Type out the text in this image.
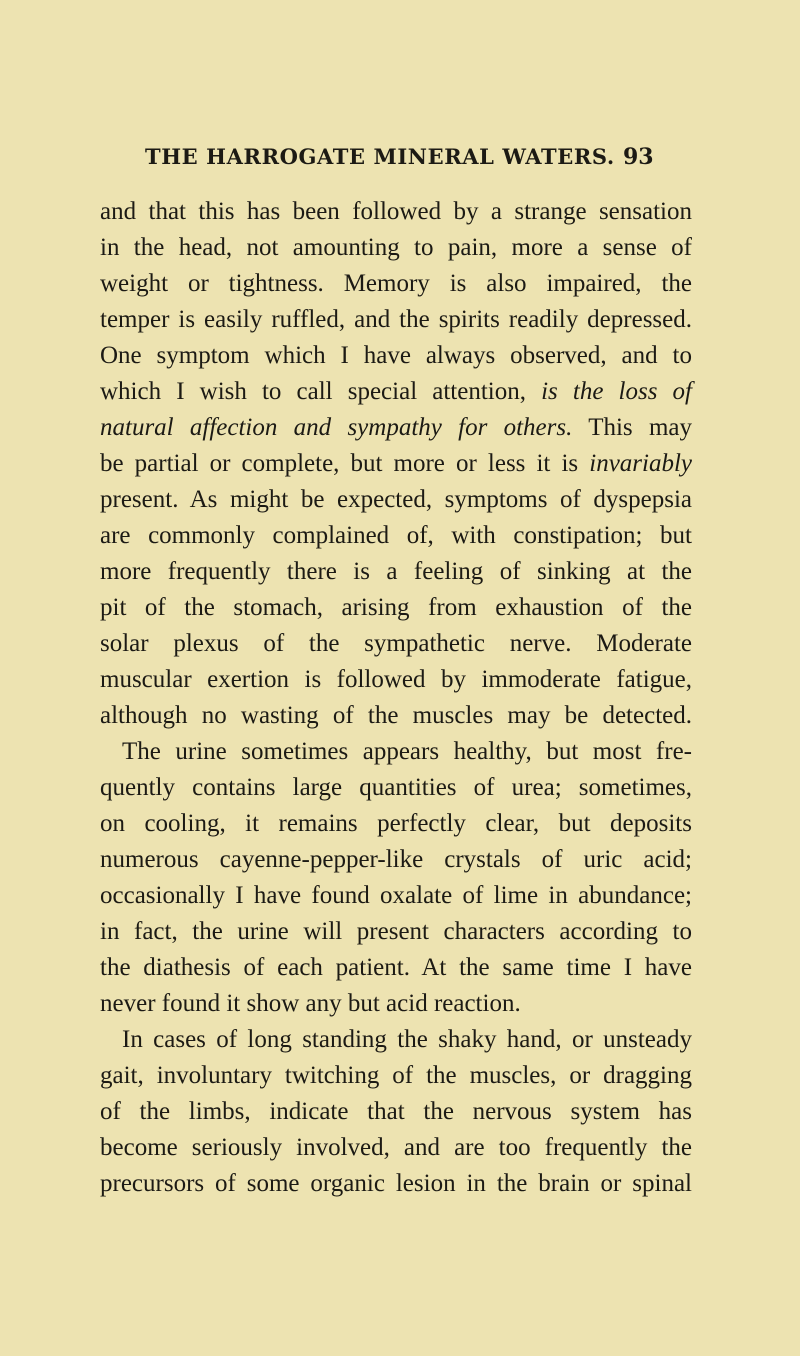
THE HARROGATE MINERAL WATERS. 93
and that this has been followed by a strange sensation
in the head, not amounting to pain, more a sense of
weight or tightness. Memory is also impaired, the
temper is easily ruffled, and the spirits readily depressed.
One symptom which I have always observed, and to
which I wish to call special attention, is the loss of
natural affection and sympathy for others. This may
be partial or complete, but more or less it is invariably
present. As might be expected, symptoms of dyspepsia
are commonly complained of, with constipation; but
more frequently there is a feeling of sinking at the
pit of the stomach, arising from exhaustion of the
solar plexus of the sympathetic nerve. Moderate
muscular exertion is followed by immoderate fatigue,
although no wasting of the muscles may be detected.
The urine sometimes appears healthy, but most fre-
quently contains large quantities of urea; sometimes,
on cooling, it remains perfectly clear, but deposits
numerous cayenne-pepper-like crystals of uric acid;
occasionally I have found oxalate of lime in abundance;
in fact, the urine will present characters according to
the diathesis of each patient. At the same time I have
never found it show any but acid reaction.
In cases of long standing the shaky hand, or unsteady
gait, involuntary twitching of the muscles, or dragging
of the limbs, indicate that the nervous system has
become seriously involved, and are too frequently the
precursors of some organic lesion in the brain or spinal
